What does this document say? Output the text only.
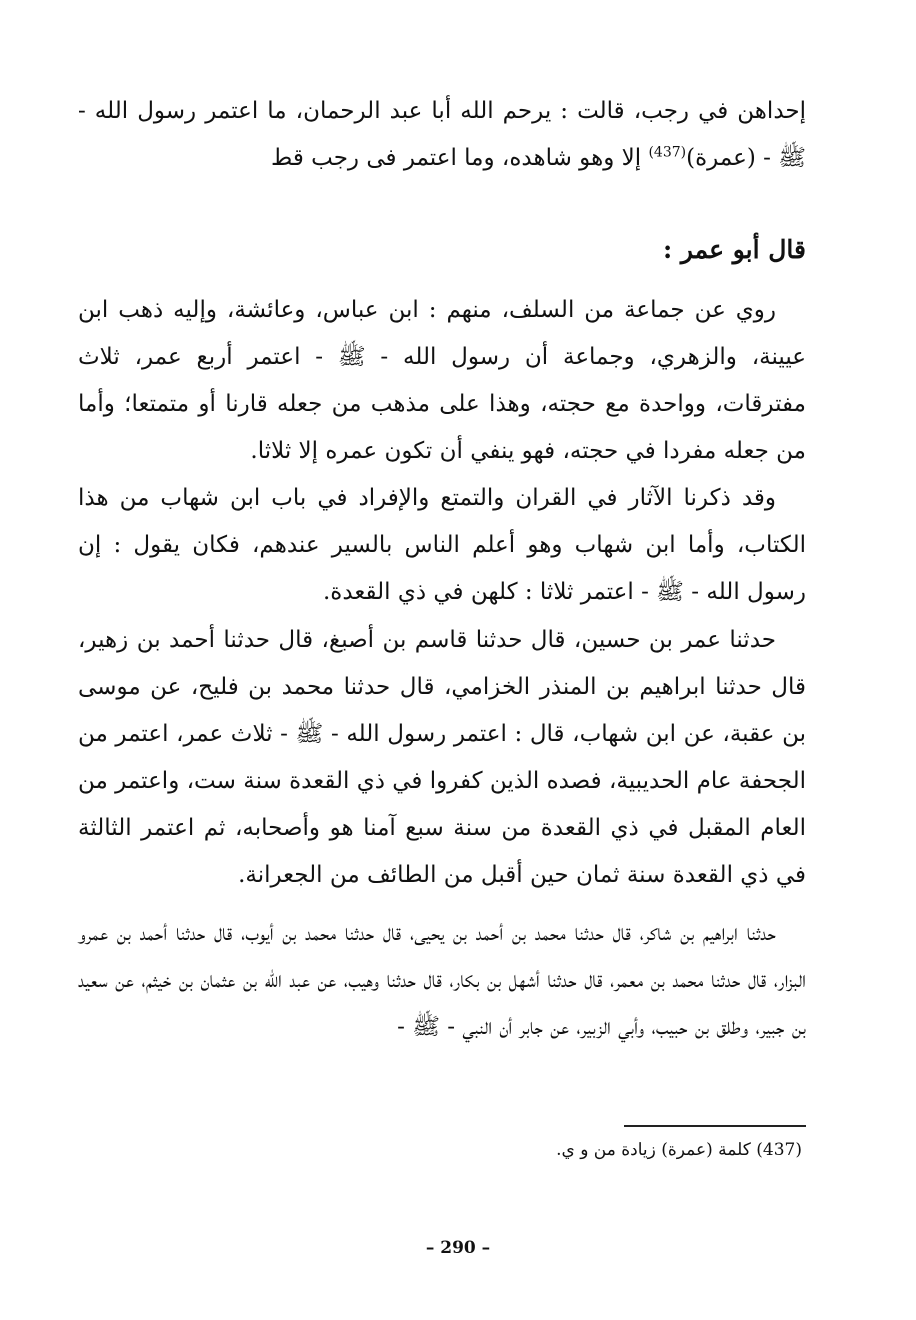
إحداهن في رجب، قالت : يرحم الله أبا عبد الرحمان، ما اعتمر رسول الله - ﷺ - (عمرة)$^{(437)}$ إلا وهو شاهده، وما اعتمر فى رجب قط
قال أبو عمر :
روي عن جماعة من السلف، منهم : ابن عباس، وعائشة، وإليه ذهب ابن عيينة، والزهري، وجماعة أن رسول الله - ﷺ - اعتمر أربع عمر، ثلاث مفترقات، وواحدة مع حجته، وهذا على مذهب من جعله قارنا أو متمتعا؛ وأما من جعله مفردا في حجته، فهو ينفي أن تكون عمره إلا ثلاثا.
وقد ذكرنا الآثار في القران والتمتع والإفراد في باب ابن شهاب من هذا الكتاب، وأما ابن شهاب وهو أعلم الناس بالسير عندهم، فكان يقول : إن رسول الله - ﷺ - اعتمر ثلاثا : كلهن في ذي القعدة.
حدثنا عمر بن حسين، قال حدثنا قاسم بن أصبغ، قال حدثنا أحمد بن زهير، قال حدثنا ابراهيم بن المنذر الخزامي، قال حدثنا محمد بن فليح، عن موسى بن عقبة، عن ابن شهاب، قال : اعتمر رسول الله - ﷺ - ثلاث عمر، اعتمر من الجحفة عام الحديبية، فصده الذين كفروا في ذي القعدة سنة ست، واعتمر من العام المقبل في ذي القعدة من سنة سبع آمنا هو وأصحابه، ثم اعتمر الثالثة في ذي القعدة سنة ثمان حين أقبل من الطائف من الجعرانة.
حدثنا ابراهيم بن شاكر، قال حدثنا محمد بن أحمد بن يحيى، قال حدثنا محمد بن أيوب، قال حدثنا أحمد بن عمرو البزار، قال حدثنا محمد بن معمر، قال حدثنا أشهل بن بكار، قال حدثنا وهيب، عن عبد الله بن عثمان بن خيثم، عن سعيد بن جبير، وطلق بن حبيب، وأبي الزبير، عن جابر أن النبي - ﷺ -
(437) كلمة (عمرة) زيادة من و ي.
– 290 –
